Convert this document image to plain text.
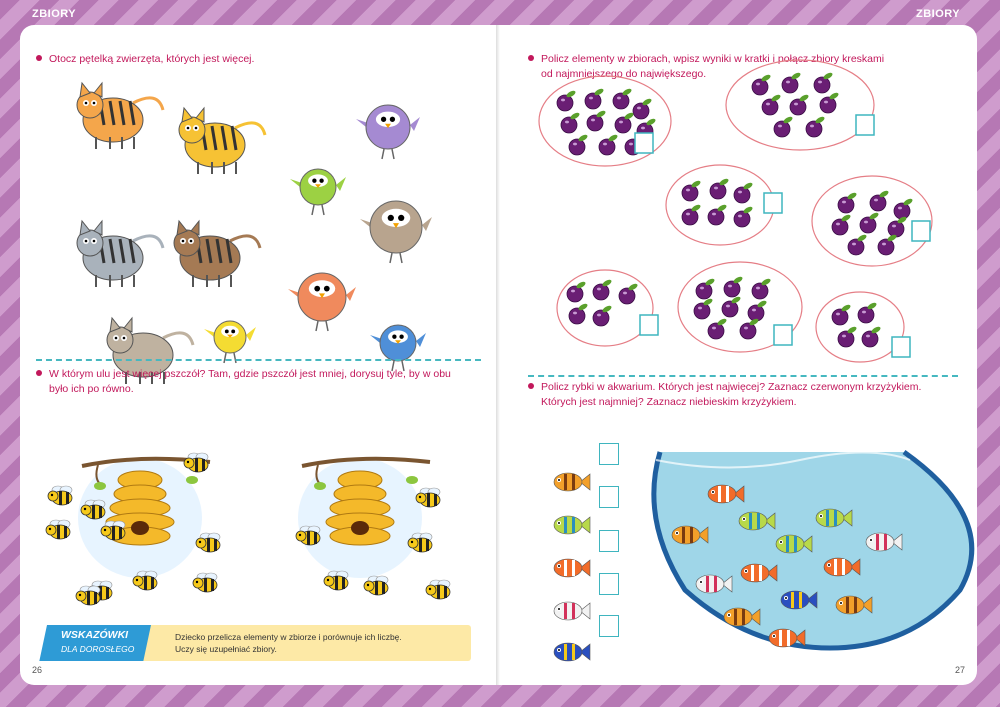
ZBIORY	ZBIORY
Otocz pętelką zwierzęta, których jest więcej.
W którym ulu jest więcej pszczół? Tam, gdzie pszczół jest mniej, dorysuj tyle, by w obu
było ich po równo.
WSKAZÓWKI
DLA DOROSŁEGO
Dziecko przelicza elementy w zbiorze i porównuje ich liczbę.
Uczy się uzupełniać zbiory.
26
Policz elementy w zbiorach, wpisz wyniki w kratki i połącz zbiory kreskami
od najmniejszego do największego.
Policz rybki w akwarium. Których jest najwięcej? Zaznacz czerwonym krzyżykiem.
Których jest najmniej? Zaznacz niebieskim krzyżykiem.
27
